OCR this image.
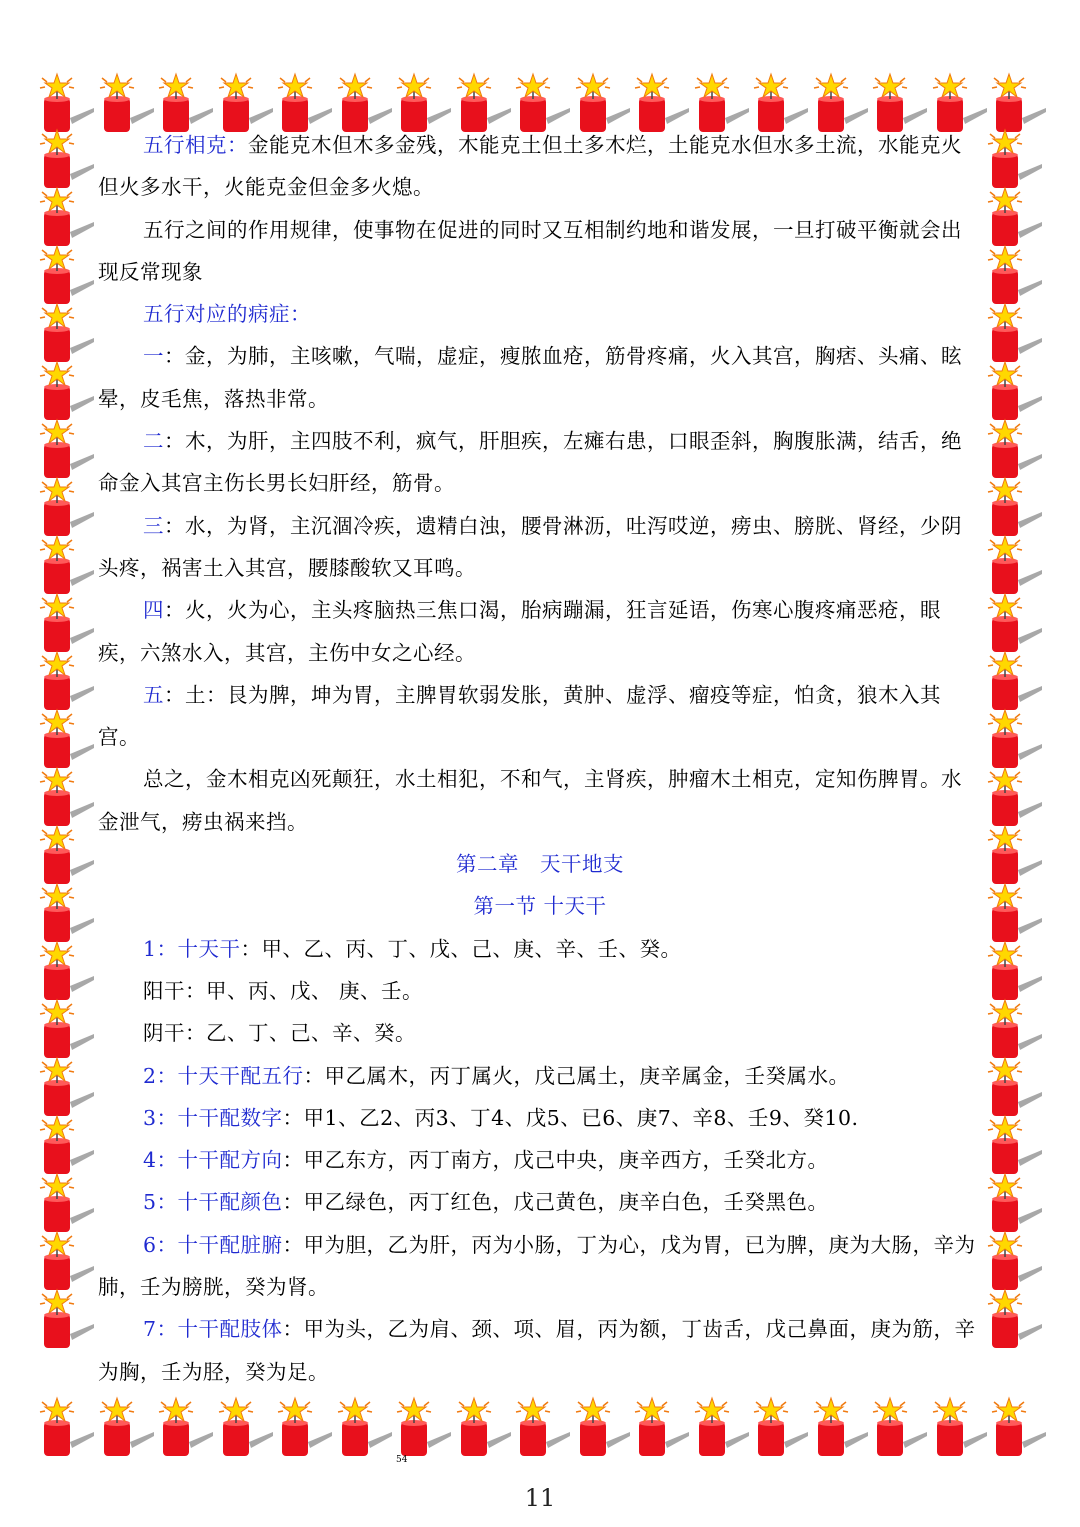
五行相克：金能克木但木多金残，木能克土但土多木烂，土能克水但水多土流，水能克火但火多水干，火能克金但金多火熄。

五行之间的作用规律，使事物在促进的同时又互相制约地和谐发展，一旦打破平衡就会出现反常现象

五行对应的病症：

一：金，为肺，主咳嗽，气喘，虚症，瘦脓血疮，筋骨疼痛，火入其宫，胸痞、头痛、眩晕，皮毛焦，落热非常。

二：木，为肝，主四肢不利，疯气，肝胆疾，左瘫右患，口眼歪斜，胸腹胀满，结舌，绝命金入其宫主伤长男长妇肝经，筋骨。

三：水，为肾，主沉涸冷疾，遗精白浊，腰骨淋沥，吐泻哎逆，痨虫、膀胱、肾经，少阴头疼，祸害土入其宫，腰膝酸软又耳鸣。

四：火，火为心，主头疼脑热三焦口渴，胎病蹦漏，狂言延语，伤寒心腹疼痛恶疮，眼疾，六煞水入，其宫，主伤中女之心经。

五：土：艮为脾，坤为胃，主脾胃软弱发胀，黄肿、虚浮、瘤疫等症，怕贪，狼木入其宫。

总之，金木相克凶死颠狂，水土相犯，不和气，主肾疾，肿瘤木土相克，定知伤脾胃。水金泄气，痨虫祸来挡。

第二章　天干地支

第一节 十天干

1：十天干：甲、乙、丙、丁、戊、己、庚、辛、壬、癸。

阳干：甲、丙、戊、 庚、壬。

阴干：乙、丁、己、辛、癸。

2：十天干配五行：甲乙属木，丙丁属火，戊己属土，庚辛属金，壬癸属水。

3：十干配数字：甲1、乙2、丙3、丁4、戊5、已6、庚7、辛8、壬9、癸10.

4：十干配方向：甲乙东方，丙丁南方，戊己中央，庚辛西方，壬癸北方。

5：十干配颜色：甲乙绿色，丙丁红色，戊己黄色，庚辛白色，壬癸黑色。

6：十干配脏腑：甲为胆，乙为肝，丙为小肠，丁为心，戊为胃，已为脾，庚为大肠，辛为肺，壬为膀胱，癸为肾。

7：十干配肢体：甲为头，乙为肩、颈、项、眉，丙为额，丁齿舌，戊己鼻面，庚为筋，辛为胸，壬为胫，癸为足。

54
11
